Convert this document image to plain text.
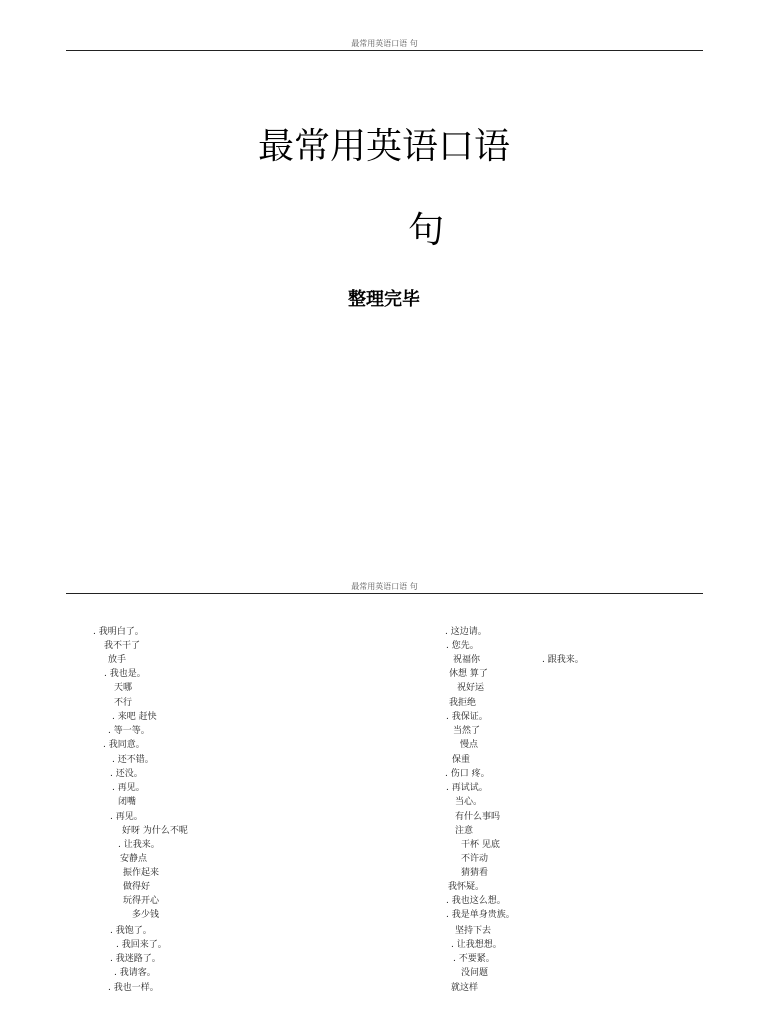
最常用英语口语 句
最常用英语口语
句
整理完毕
最常用英语口语 句
. 我明白了。
我不干了
放手
. 我也是。
天哪
不行
. 来吧 赶快
. 等一等。
. 我同意。
. 还不错。
. 还没。
. 再见。
闭嘴
. 再见。
好呀 为什么不呢
. 让我来。
安静点
振作起来
做得好
玩得开心
多少钱
. 我饱了。
. 我回来了。
. 我迷路了。
. 我请客。
. 我也一样。
. 这边请。
. 您先。
祝福你
休想 算了
祝好运
我拒绝
. 我保证。
当然了
慢点
保重
. 伤口 疼。
. 再试试。
当心。
有什么事吗
注意
干杯 见底
不许动
猜猜看
我怀疑。
. 我也这么想。
. 我是单身贵族。
坚持下去
. 让我想想。
. 不要紧。
没问题
就这样
. 跟我来。
